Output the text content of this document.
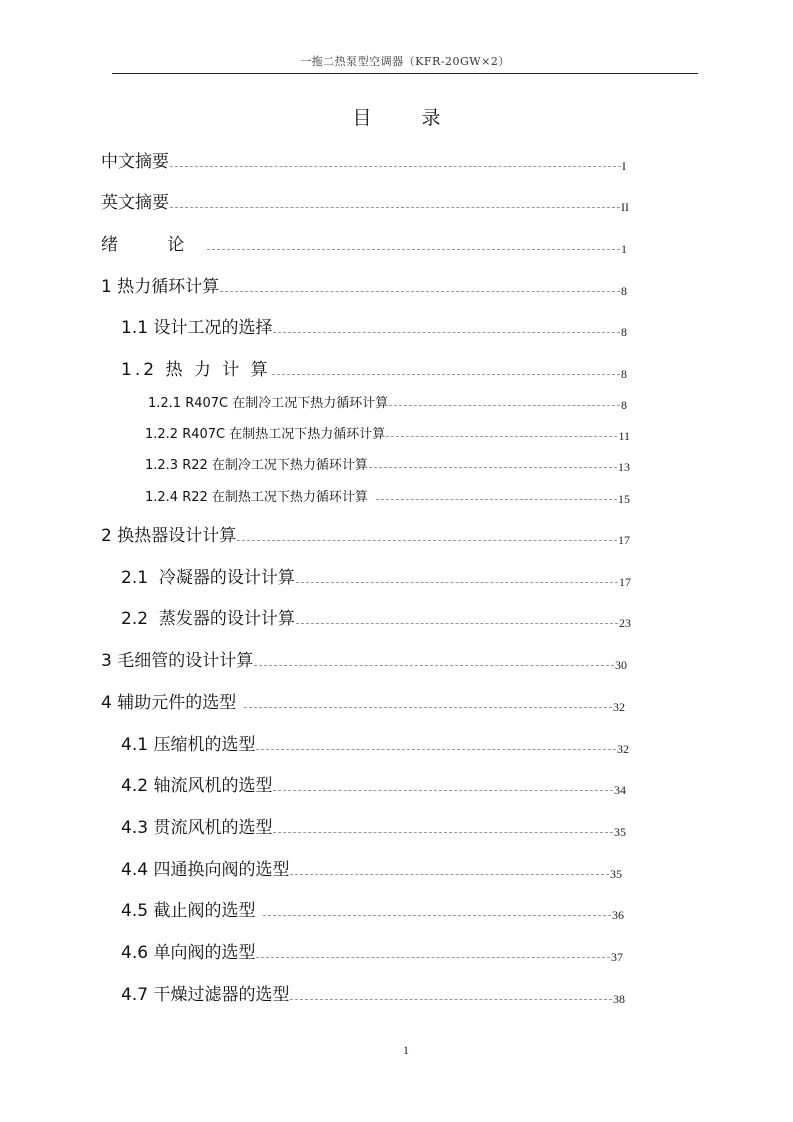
一拖二热泵型空调器（KFR-20GW×2）
目 录
中文摘要	I
英文摘要	II
绪 论	1
1 热力循环计算	8
1.1 设计工况的选择	8
1.2 热 力 计 算	8
1.2.1 R407C 在制冷工况下热力循环计算	8
1.2.2 R407C 在制热工况下热力循环计算	11
1.2.3 R22 在制冷工况下热力循环计算	13
1.2.4 R22 在制热工况下热力循环计算	15
2 换热器设计计算	17
2.1  冷凝器的设计计算	17
2.2  蒸发器的设计计算	23
3 毛细管的设计计算	30
4 辅助元件的选型	32
4.1 压缩机的选型	32
4.2 轴流风机的选型	34
4.3 贯流风机的选型	35
4.4 四通换向阀的选型	35
4.5 截止阀的选型	36
4.6 单向阀的选型	37
4.7 干燥过滤器的选型	38
1
